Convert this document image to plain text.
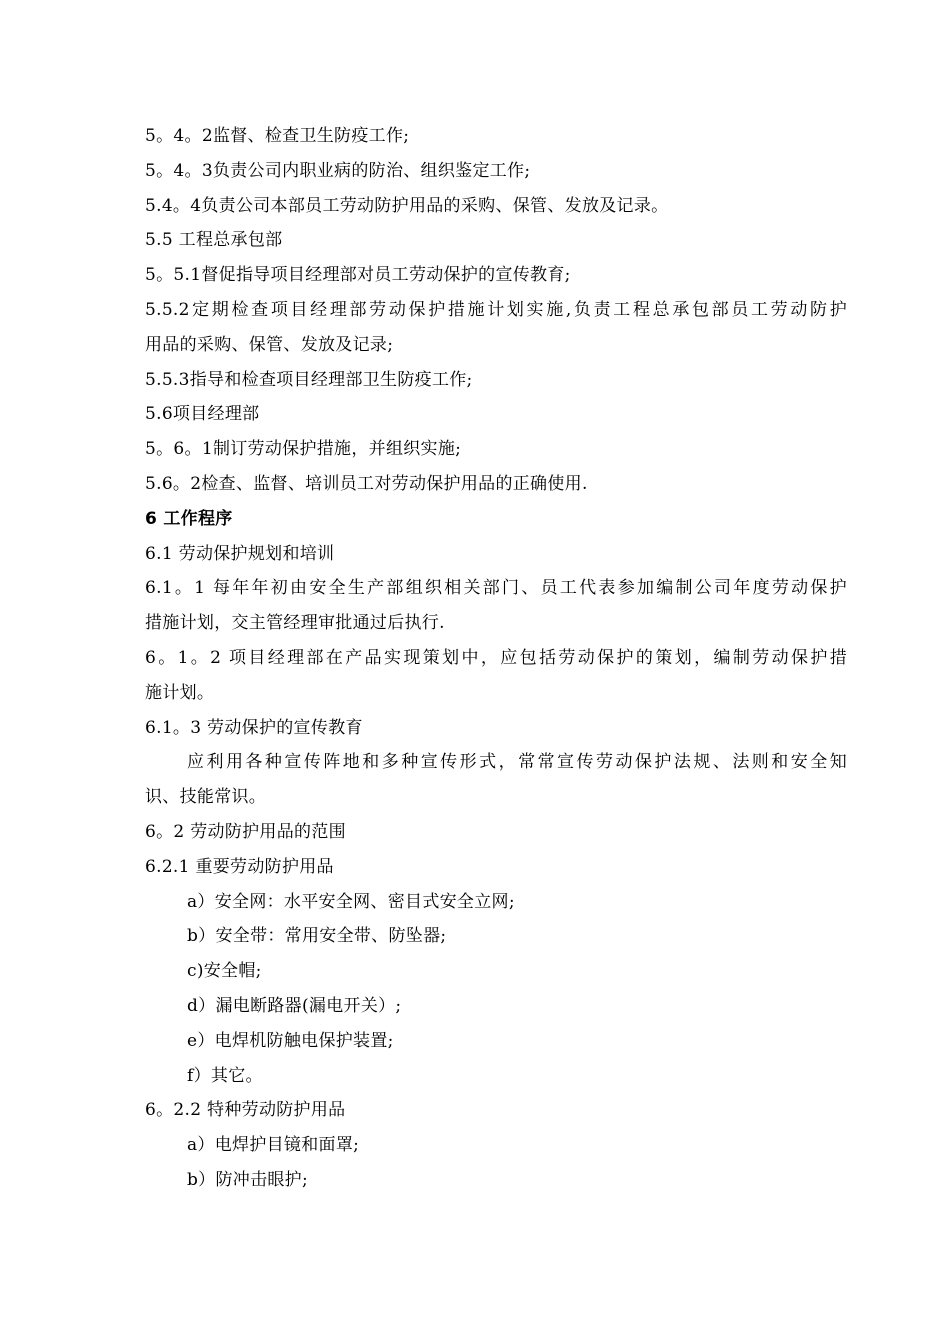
5。4。2监督、检查卫生防疫工作;
5。4。3负责公司内职业病的防治、组织鉴定工作;
5.4。4负责公司本部员工劳动防护用品的采购、保管、发放及记录。
5.5 工程总承包部
5。5.1督促指导项目经理部对员工劳动保护的宣传教育;
5.5.2定期检查项目经理部劳动保护措施计划实施,负责工程总承包部员工劳动防护
用品的采购、保管、发放及记录;
5.5.3指导和检查项目经理部卫生防疫工作;
5.6项目经理部
5。6。1制订劳动保护措施，并组织实施;
5.6。2检查、监督、培训员工对劳动保护用品的正确使用.
6 工作程序
6.1 劳动保护规划和培训
6.1。1 每年年初由安全生产部组织相关部门、员工代表参加编制公司年度劳动保护
措施计划，交主管经理审批通过后执行.
6。1。2 项目经理部在产品实现策划中，应包括劳动保护的策划，编制劳动保护措
施计划。
6.1。3 劳动保护的宣传教育
应利用各种宣传阵地和多种宣传形式，常常宣传劳动保护法规、法则和安全知
识、技能常识。
6。2 劳动防护用品的范围
6.2.1 重要劳动防护用品
a）安全网：水平安全网、密目式安全立网;
b）安全带：常用安全带、防坠器;
c)安全帽;
d）漏电断路器(漏电开关）;
e）电焊机防触电保护装置;
f）其它。
6。2.2 特种劳动防护用品
a）电焊护目镜和面罩;
b）防冲击眼护;
